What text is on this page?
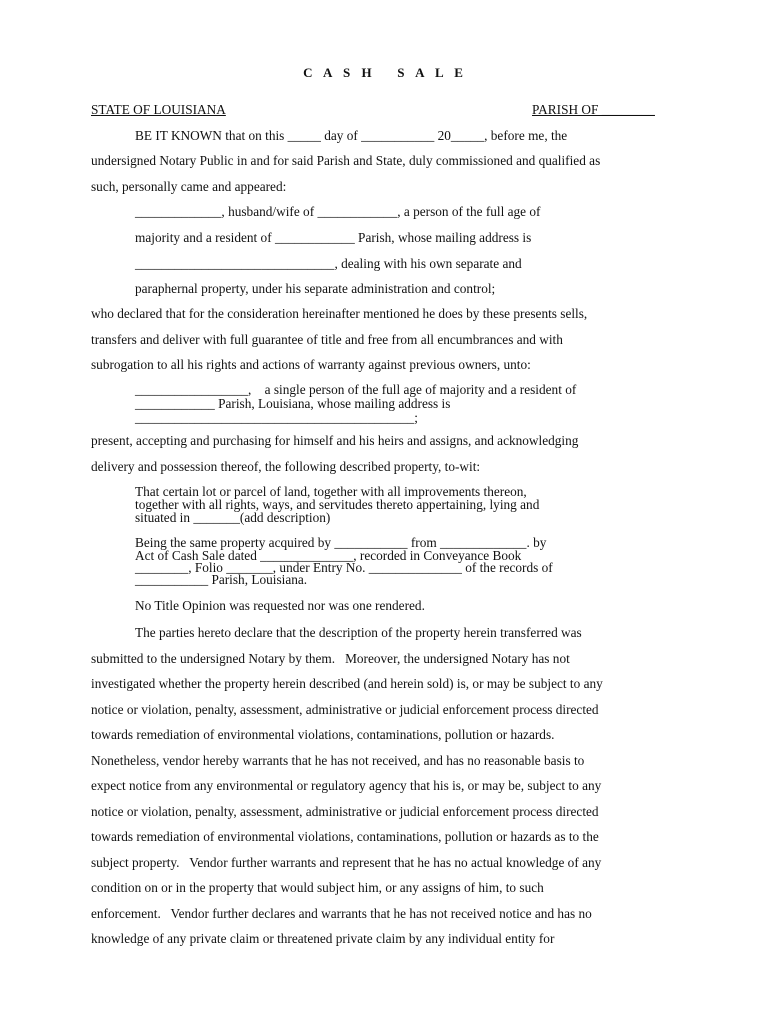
C A S H   S A L E
STATE OF LOUISIANA	PARISH OF ________
BE IT KNOWN that on this _____ day of ___________ 20_____, before me, the
undersigned Notary Public in and for said Parish and State, duly commissioned and qualified as
such, personally came and appeared:
_____________, husband/wife of ____________, a person of the full age of
majority and a resident of ____________ Parish, whose mailing address is
______________________________, dealing with his own separate and
paraphernal property, under his separate administration and control;
who declared that for the consideration hereinafter mentioned he does by these presents sells,
transfers and deliver with full guarantee of title and free from all encumbrances and with
subrogation to all his rights and actions of warranty against previous owners, unto:
_________________,    a single person of the full age of majority and a resident of
____________ Parish, Louisiana, whose mailing address is
__________________________________________;
present, accepting and purchasing for himself and his heirs and assigns, and acknowledging
delivery and possession thereof, the following described property, to-wit:
That certain lot or parcel of land, together with all improvements thereon,
together with all rights, ways, and servitudes thereto appertaining, lying and
situated in _______(add description)
Being the same property acquired by ___________ from _____________. by
Act of Cash Sale dated ______________, recorded in Conveyance Book
________, Folio _______, under Entry No. ______________ of the records of
___________ Parish, Louisiana.
No Title Opinion was requested nor was one rendered.
The parties hereto declare that the description of the property herein transferred was
submitted to the undersigned Notary by them.   Moreover, the undersigned Notary has not
investigated whether the property herein described (and herein sold) is, or may be subject to any
notice or violation, penalty, assessment, administrative or judicial enforcement process directed
towards remediation of environmental violations, contaminations, pollution or hazards.
Nonetheless, vendor hereby warrants that he has not received, and has no reasonable basis to
expect notice from any environmental or regulatory agency that his is, or may be, subject to any
notice or violation, penalty, assessment, administrative or judicial enforcement process directed
towards remediation of environmental violations, contaminations, pollution or hazards as to the
subject property.   Vendor further warrants and represent that he has no actual knowledge of any
condition on or in the property that would subject him, or any assigns of him, to such
enforcement.   Vendor further declares and warrants that he has not received notice and has no
knowledge of any private claim or threatened private claim by any individual entity for
